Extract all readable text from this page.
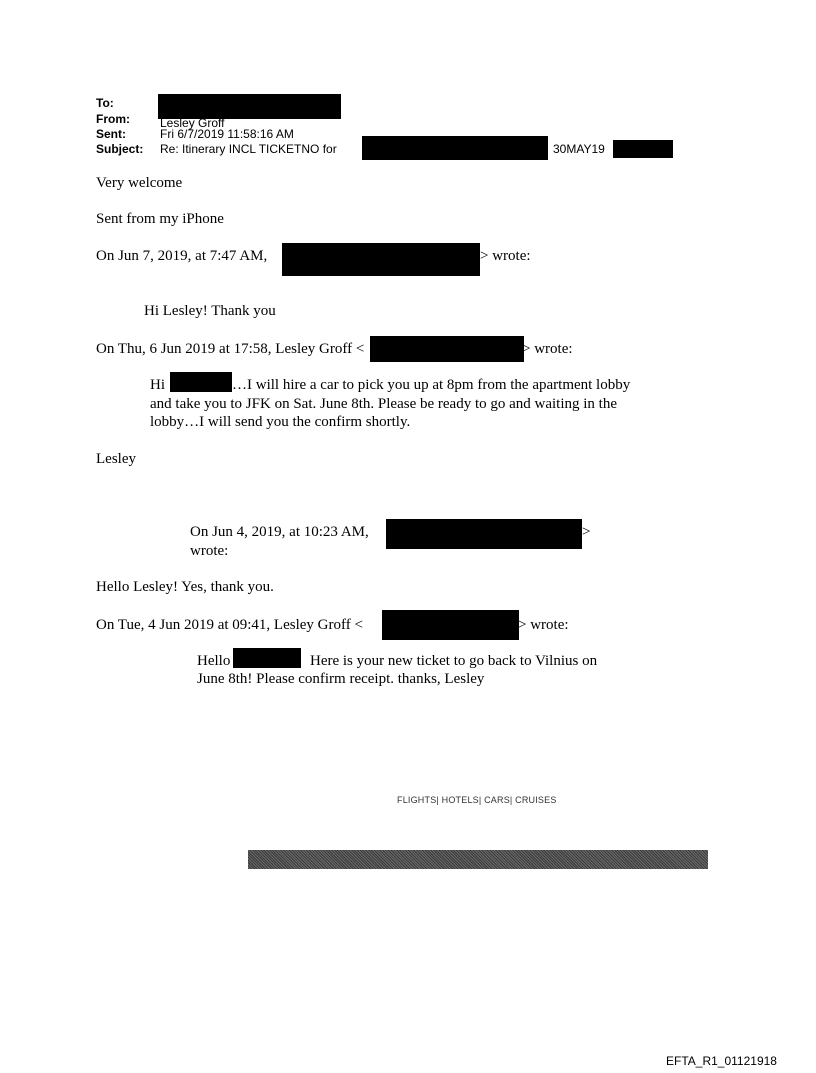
To:
From:	Lesley Groff
Sent:	Fri 6/7/2019 11:58:16 AM
Subject: Re: Itinerary INCL TICKETNO for	30MAY19
Very welcome
Sent from my iPhone
On Jun 7, 2019, at 7:47 AM,	> wrote:
Hi Lesley! Thank you
On Thu, 6 Jun 2019 at 17:58, Lesley Groff <	> wrote:
Hi	…I will hire a car to pick you up at 8pm from the apartment lobby
and take you to JFK on Sat. June 8th. Please be ready to go and waiting in the
lobby…I will send you the confirm shortly.
Lesley
On Jun 4, 2019, at 10:23 AM,	>
wrote:
Hello Lesley! Yes, thank you.
On Tue, 4 Jun 2019 at 09:41, Lesley Groff <	> wrote:
Hello	Here is your new ticket to go back to Vilnius on
June 8th! Please confirm receipt. thanks, Lesley
FLIGHTS| HOTELS| CARS| CRUISES
EFTA_R1_01121918
